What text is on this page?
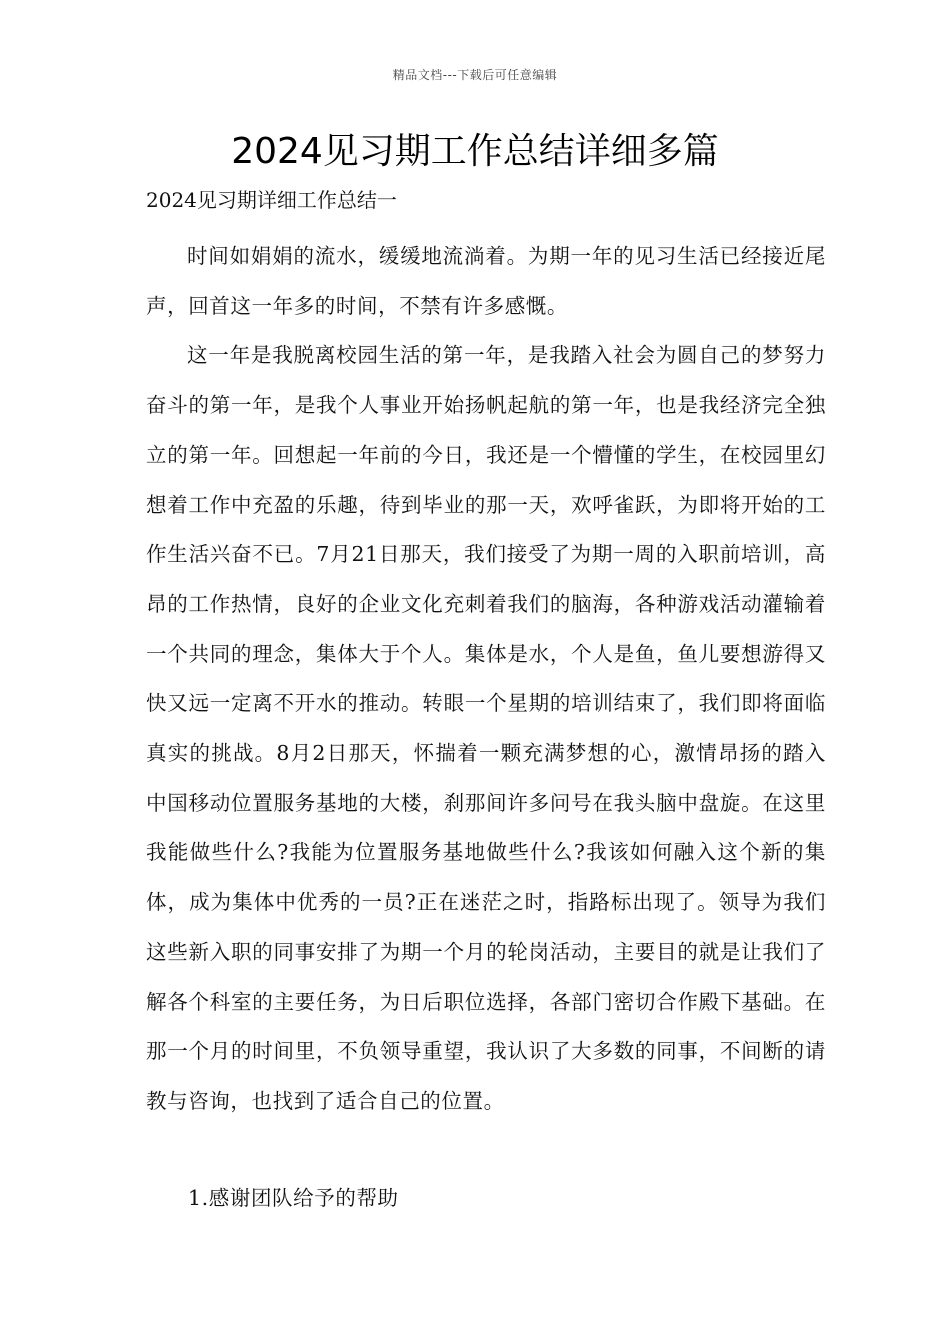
精品文档---下载后可任意编辑
2024见习期工作总结详细多篇
2024见习期详细工作总结一

时间如娟娟的流水，缓缓地流淌着。为期一年的见习生活已经接近尾声，回首这一年多的时间，不禁有许多感慨。

这一年是我脱离校园生活的第一年，是我踏入社会为圆自己的梦努力奋斗的第一年，是我个人事业开始扬帆起航的第一年，也是我经济完全独立的第一年。回想起一年前的今日，我还是一个懵懂的学生，在校园里幻想着工作中充盈的乐趣，待到毕业的那一天，欢呼雀跃，为即将开始的工作生活兴奋不已。7月21日那天，我们接受了为期一周的入职前培训，高昂的工作热情，良好的企业文化充刺着我们的脑海，各种游戏活动灌输着一个共同的理念，集体大于个人。集体是水，个人是鱼，鱼儿要想游得又快又远一定离不开水的推动。转眼一个星期的培训结束了，我们即将面临真实的挑战。8月2日那天，怀揣着一颗充满梦想的心，激情昂扬的踏入中国移动位置服务基地的大楼，刹那间许多问号在我头脑中盘旋。在这里我能做些什么?我能为位置服务基地做些什么?我该如何融入这个新的集体，成为集体中优秀的一员?正在迷茫之时，指路标出现了。领导为我们这些新入职的同事安排了为期一个月的轮岗活动，主要目的就是让我们了解各个科室的主要任务，为日后职位选择，各部门密切合作殿下基础。在那一个月的时间里，不负领导重望，我认识了大多数的同事，不间断的请教与咨询，也找到了适合自己的位置。

1.感谢团队给予的帮助
